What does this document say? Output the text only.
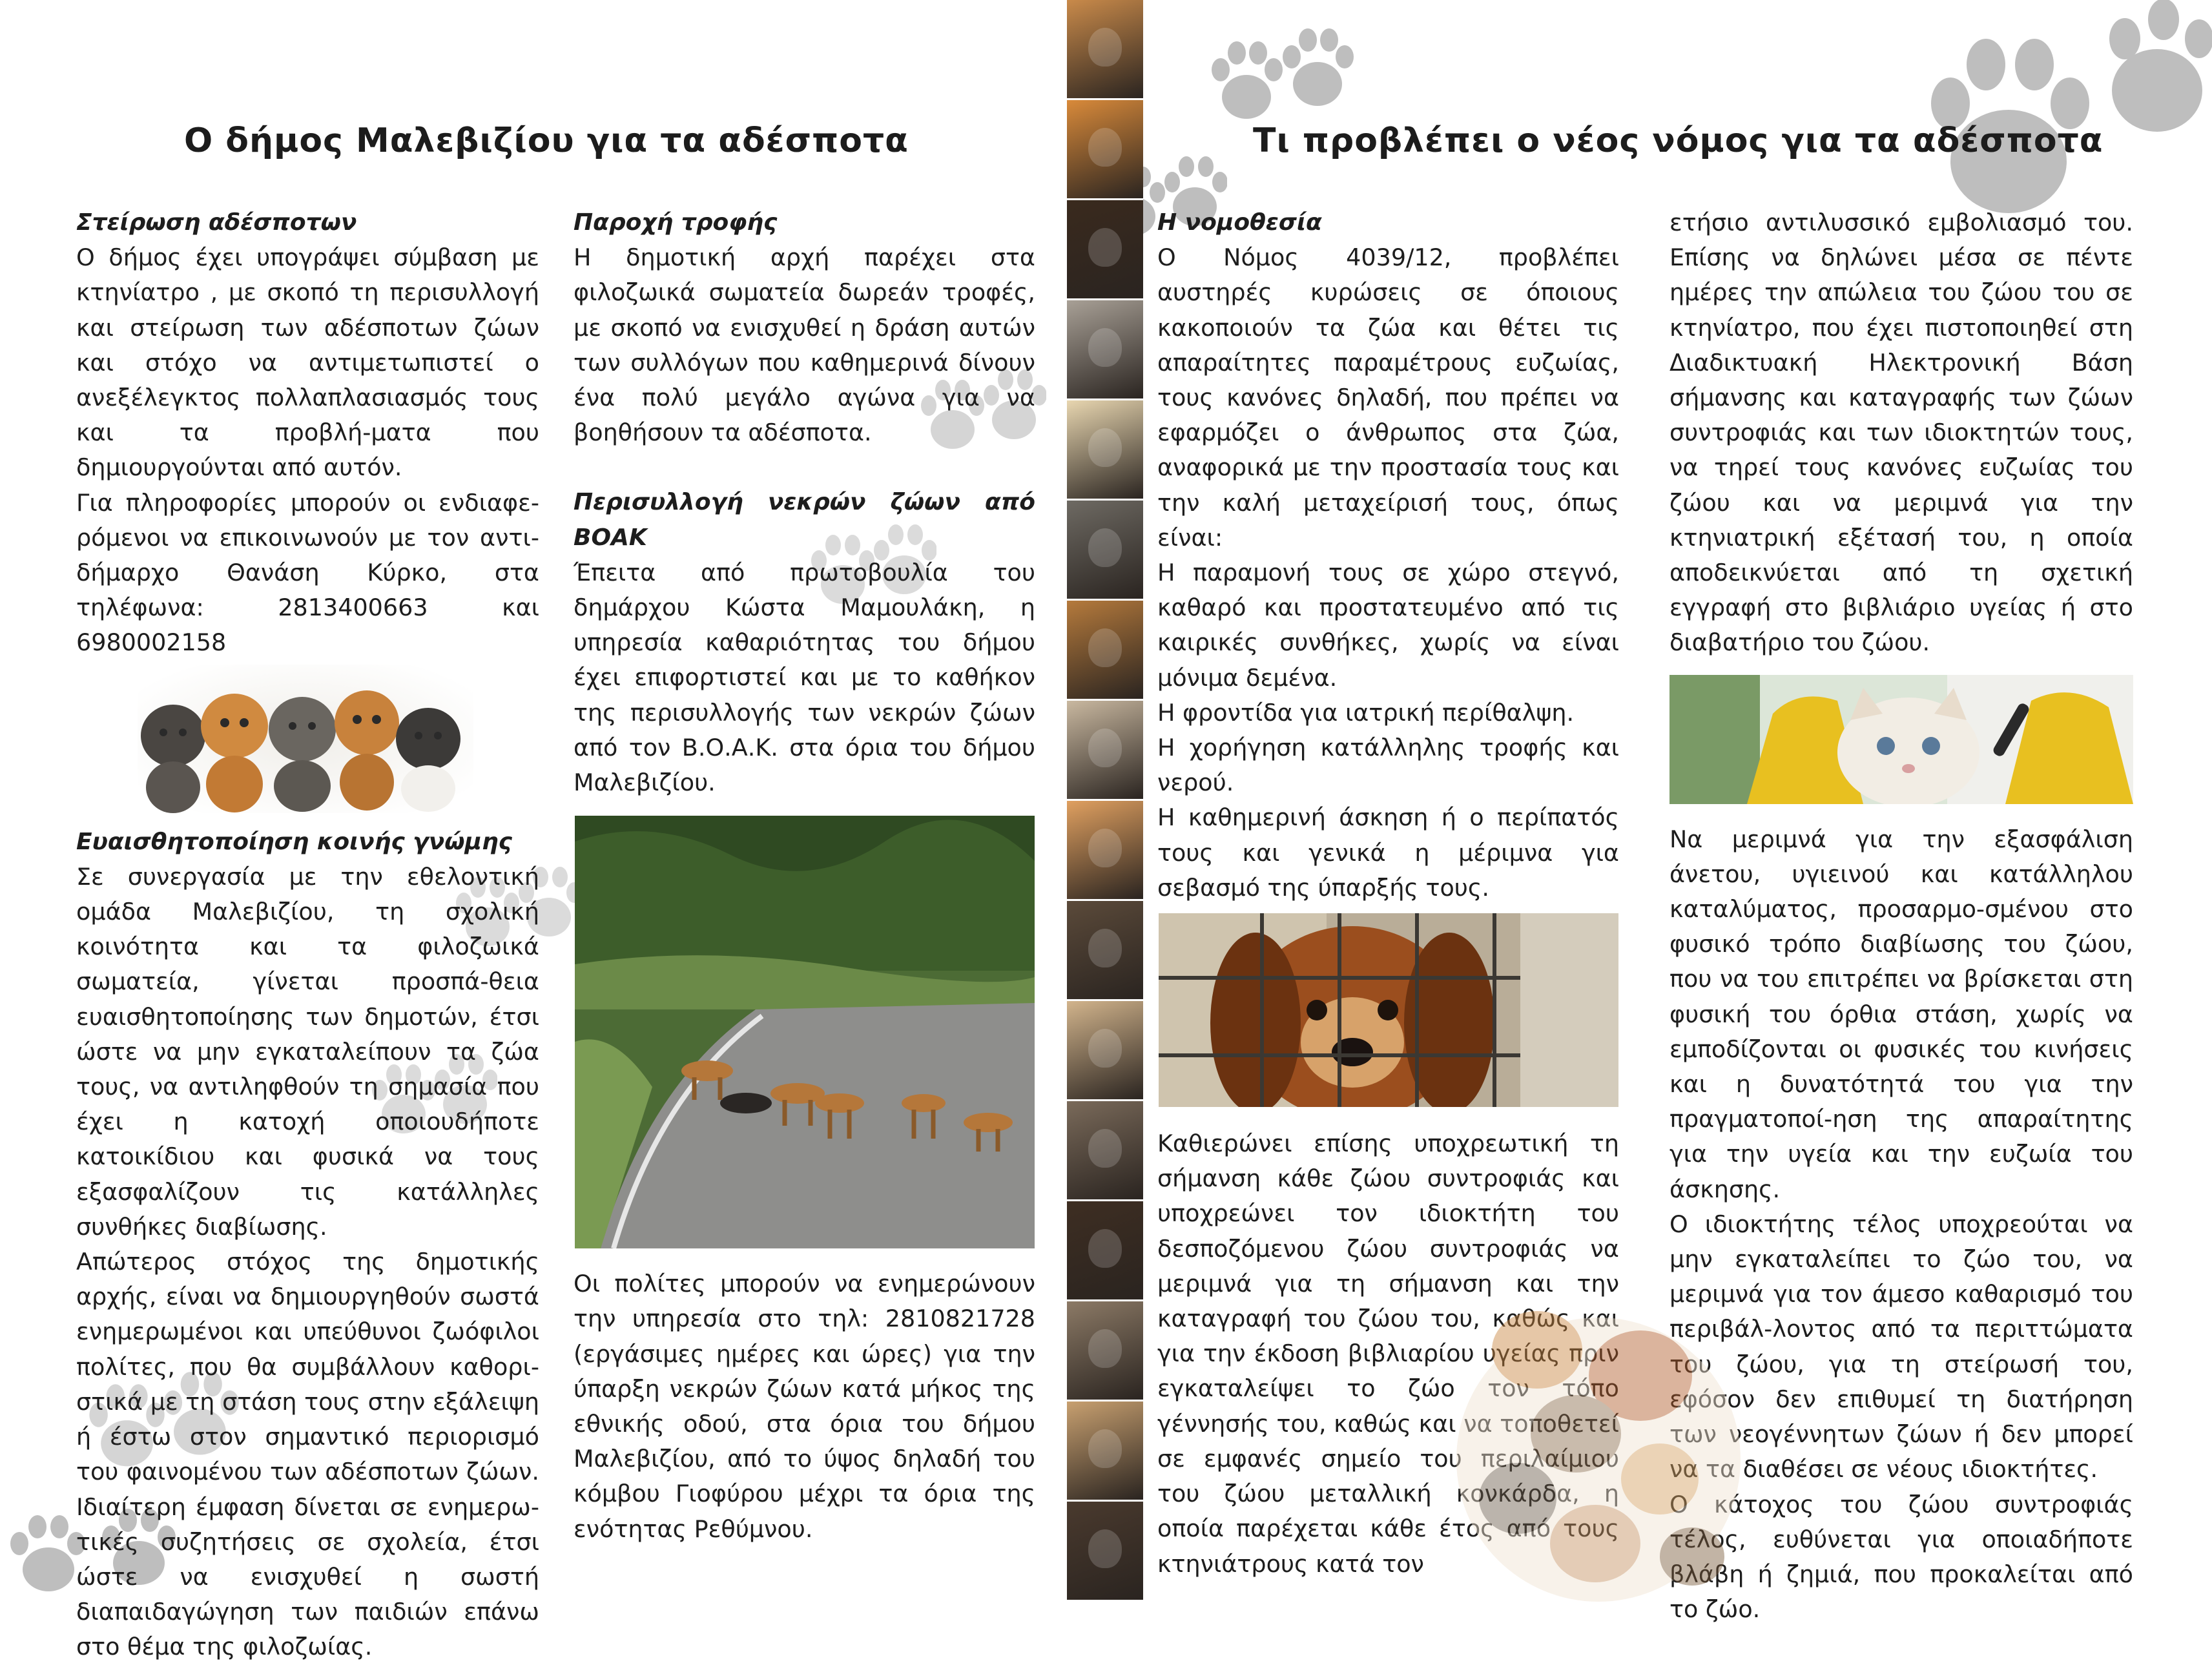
Ο δήμος Μαλεβιζίου για τα αδέσποτα

Στείρωση αδέσποτων

Ο δήμος έχει υπογράψει σύμβαση με κτηνίατρο , με σκοπό τη περισυλλογή και στείρωση των αδέσποτων ζώων και στόχο να αντιμετωπιστεί ο ανεξέλεγκτος πολλαπλασιασμός τους και τα προβλή-ματα που δημιουργούνται από αυτόν.

Για πληροφορίες μπορούν οι ενδιαφε-ρόμενοι να επικοινωνούν με τον αντι-δήμαρχο Θανάση Κύρκο, στα τηλέφωνα: 2813400663 και 6980002158

Ευαισθητοποίηση κοινής γνώμης

Σε συνεργασία με την εθελοντική ομάδα Μαλεβιζίου, τη σχολική κοινότητα και τα φιλοζωικά σωματεία, γίνεται προσπά-θεια ευαισθητοποίησης των δημοτών, έτσι ώστε να μην εγκαταλείπουν τα ζώα τους, να αντιληφθούν τη σημασία που έχει η κατοχή οποιουδήποτε κατοικίδιου και φυσικά να τους εξασφαλίζουν τις κατάλληλες συνθήκες διαβίωσης.

Απώτερος στόχος της δημοτικής αρχής, είναι να δημιουργηθούν σωστά ενημερωμένοι και υπεύθυνοι ζωόφιλοι πολίτες, που θα συμβάλλουν καθορι-στικά με τη στάση τους στην εξάλειψη ή έστω στον σημαντικό περιορισμό του φαινομένου των αδέσποτων ζώων. Ιδιαίτερη έμφαση δίνεται σε ενημερω-τικές συζητήσεις σε σχολεία, έτσι ώστε να ενισχυθεί η σωστή διαπαιδαγώγηση των παιδιών επάνω στο θέμα της φιλοζωίας.

Παροχή τροφής

Η δημοτική αρχή παρέχει στα φιλοζωικά σωματεία δωρεάν τροφές, με σκοπό να ενισχυθεί η δράση αυτών των συλλόγων που καθημερινά δίνουν ένα πολύ μεγάλο αγώνα για να βοηθήσουν τα αδέσποτα.

Περισυλλογή νεκρών ζώων από ΒΟΑΚ

Έπειτα από πρωτοβουλία του δημάρχου Κώστα Μαμουλάκη, η υπηρεσία καθαριότητας του δήμου έχει επιφορτιστεί και με το καθήκον της περισυλλογής των νεκρών ζώων από τον Β.Ο.Α.Κ. στα όρια του δήμου Μαλεβιζίου.

Οι πολίτες μπορούν να ενημερώνουν την υπηρεσία στο τηλ: 2810821728 (εργάσιμες ημέρες και ώρες) για την ύπαρξη νεκρών ζώων κατά μήκος της εθνικής οδού, στα όρια του δήμου Μαλεβιζίου, από το ύψος δηλαδή του κόμβου Γιοφύρου μέχρι τα όρια της ενότητας Ρεθύμνου.

Τι προβλέπει ο νέος νόμος για τα αδέσποτα

Η νομοθεσία

Ο Νόμος 4039/12, προβλέπει αυστηρές κυρώσεις σε όποιους κακοποιούν τα ζώα και θέτει τις απαραίτητες παραμέτρους ευζωίας, τους κανόνες δηλαδή, που πρέπει να εφαρμόζει ο άνθρωπος στα ζώα, αναφορικά με την προστασία τους και την καλή μεταχείρισή τους, όπως είναι:

Η παραμονή τους σε χώρο στεγνό, καθαρό και προστατευμένο από τις καιρικές συνθήκες, χωρίς να είναι μόνιμα δεμένα.

Η φροντίδα για ιατρική περίθαλψη.

Η χορήγηση κατάλληλης τροφής και νερού.

Η καθημερινή άσκηση ή ο περίπατός τους και γενικά η μέριμνα για σεβασμό της ύπαρξής τους.

Καθιερώνει επίσης υποχρεωτική τη σήμανση κάθε ζώου συντροφιάς και υποχρεώνει τον ιδιοκτήτη του δεσποζόμενου ζώου συντροφιάς να μεριμνά για τη σήμανση και την καταγραφή του ζώου του, καθώς και για την έκδοση βιβλιαρίου υγείας πριν εγκαταλείψει το ζώο τον τόπο γέννησής του, καθώς και να τοποθετεί σε εμφανές σημείο του περιλαίμιου του ζώου μεταλλική κονκάρδα, η οποία παρέχεται κάθε έτος από τους κτηνιάτρους κατά τον

ετήσιο αντιλυσσικό εμβολιασμό του. Επίσης να δηλώνει μέσα σε πέντε ημέρες την απώλεια του ζώου του σε κτηνίατρο, που έχει πιστοποιηθεί στη Διαδικτυακή Ηλεκτρονική Βάση σήμανσης και καταγραφής των ζώων συντροφιάς και των ιδιοκτητών τους, να τηρεί τους κανόνες ευζωίας του ζώου και να μεριμνά για την κτηνιατρική εξέτασή του, η οποία αποδεικνύεται από τη σχετική εγγραφή στο βιβλιάριο υγείας ή στο διαβατήριο του ζώου.

Να μεριμνά για την εξασφάλιση άνετου, υγιεινού και κατάλληλου καταλύματος, προσαρμο-σμένου στο φυσικό τρόπο διαβίωσης του ζώου, που να του επιτρέπει να βρίσκεται στη φυσική του όρθια στάση, χωρίς να εμποδίζονται οι φυσικές του κινήσεις και η δυνατότητά του για την πραγματοποί-ηση της απαραίτητης για την υγεία και την ευζωία του άσκησης.

Ο ιδιοκτήτης τέλος υποχρεούται να μην εγκαταλείπει το ζώο του, να μεριμνά για τον άμεσο καθαρισμό του περιβάλ-λοντος από τα περιττώματα του ζώου, για τη στείρωσή του, εφόσον δεν επιθυμεί τη διατήρηση των νεογέννητων ζώων ή δεν μπορεί να τα διαθέσει σε νέους ιδιοκτήτες.

Ο κάτοχος του ζώου συντροφιάς τέλος, ευθύνεται για οποιαδήποτε βλάβη ή ζημιά, που προκαλείται από το ζώο.
